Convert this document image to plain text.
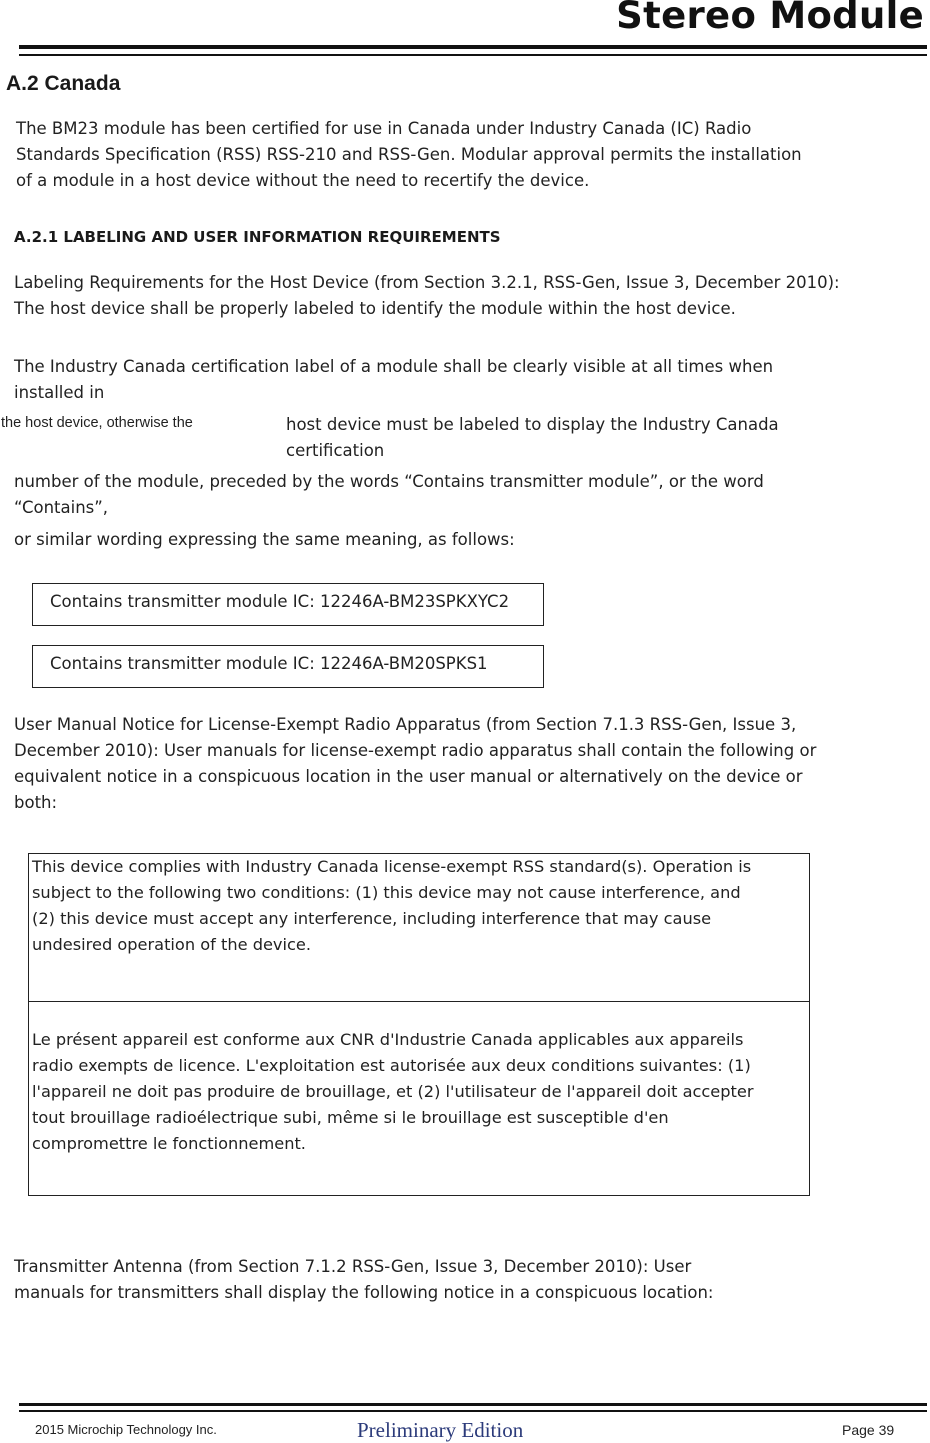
Stereo Module
A.2 Canada

The BM23 module has been certified for use in Canada under Industry Canada (IC) Radio

Standards Specification (RSS) RSS-210 and RSS-Gen. Modular approval permits the installation

of a module in a host device without the need to recertify the device.

A.2.1 LABELING AND USER INFORMATION REQUIREMENTS

Labeling Requirements for the Host Device (from Section 3.2.1, RSS-Gen, Issue 3, December 2010):

The host device shall be properly labeled to identify the module within the host device.

The Industry Canada certification label of a module shall be clearly visible at all times when

installed in

the host device, otherwise the	host device must be labeled to display the Industry Canada

certification

number of the module, preceded by the words “Contains transmitter module”, or the word

“Contains”,

or similar wording expressing the same meaning, as follows:

Contains transmitter module IC: 12246A-BM23SPKXYC2
Contains transmitter module IC: 12246A-BM20SPKS1

User Manual Notice for License-Exempt Radio Apparatus (from Section 7.1.3 RSS-Gen, Issue 3,

December 2010): User manuals for license-exempt radio apparatus shall contain the following or

equivalent notice in a conspicuous location in the user manual or alternatively on the device or

both:

This device complies with Industry Canada license-exempt RSS standard(s). Operation is

subject to the following two conditions: (1) this device may not cause interference, and

(2) this device must accept any interference, including interference that may cause

undesired operation of the device.

Le présent appareil est conforme aux CNR d'Industrie Canada applicables aux appareils

radio exempts de licence. L'exploitation est autorisée aux deux conditions suivantes: (1)

l'appareil ne doit pas produire de brouillage, et (2) l'utilisateur de l'appareil doit accepter

tout brouillage radioélectrique subi, même si le brouillage est susceptible d'en

compromettre le fonctionnement.

Transmitter Antenna (from Section 7.1.2 RSS-Gen, Issue 3, December 2010): User

manuals for transmitters shall display the following notice in a conspicuous location:

2015 Microchip Technology Inc.	Preliminary Edition	Page 39
